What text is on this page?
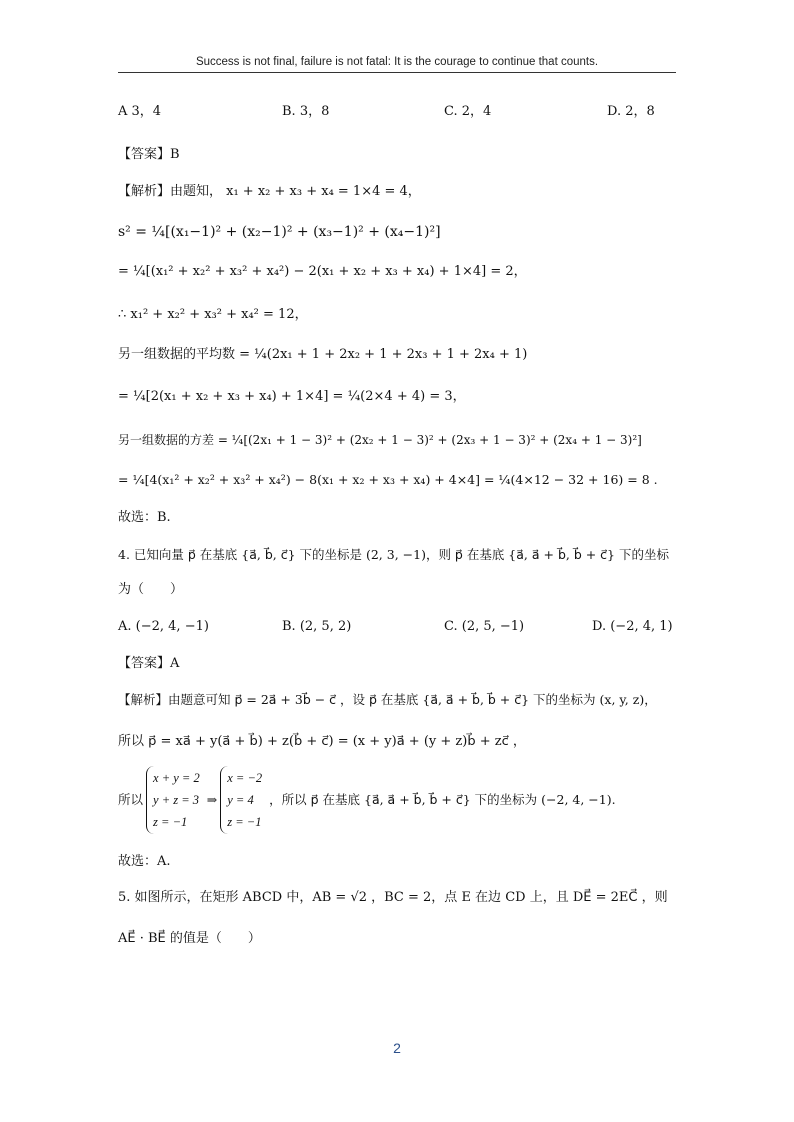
Success is not final, failure is not fatal: It is the courage to continue that counts.
A 3，4	B. 3，8	C. 2，4	D. 2，8
【答案】B
【解析】由题知， x₁ + x₂ + x₃ + x₄ = 1×4 = 4，
s² = ¼[(x₁−1)² + (x₂−1)² + (x₃−1)² + (x₄−1)²]
= ¼[(x₁² + x₂² + x₃² + x₄²) − 2(x₁ + x₂ + x₃ + x₄) + 1×4] = 2，
∴ x₁² + x₂² + x₃² + x₄² = 12，
另一组数据的平均数 = ¼(2x₁ + 1 + 2x₂ + 1 + 2x₃ + 1 + 2x₄ + 1)
= ¼[2(x₁ + x₂ + x₃ + x₄) + 1×4] = ¼(2×4 + 4) = 3，
另一组数据的方差 = ¼[(2x₁ + 1 − 3)² + (2x₂ + 1 − 3)² + (2x₃ + 1 − 3)² + (2x₄ + 1 − 3)²]
= ¼[4(x₁² + x₂² + x₃² + x₄²) − 8(x₁ + x₂ + x₃ + x₄) + 4×4] = ¼(4×12 − 32 + 16) = 8 .
故选：B.
4. 已知向量 p⃗ 在基底 {a⃗, b⃗, c⃗} 下的坐标是 (2, 3, −1)，则 p⃗ 在基底 {a⃗, a⃗ + b⃗, b⃗ + c⃗} 下的坐标
为（　　）
A. (−2, 4, −1)	B. (2, 5, 2)	C. (2, 5, −1)	D. (−2, 4, 1)
【答案】A
【解析】由题意可知 p⃗ = 2a⃗ + 3b⃗ − c⃗ ，设 p⃗ 在基底 {a⃗, a⃗ + b⃗, b⃗ + c⃗} 下的坐标为 (x, y, z)，
所以 p⃗ = xa⃗ + y(a⃗ + b⃗) + z(b⃗ + c⃗) = (x + y)a⃗ + (y + z)b⃗ + zc⃗ ，
所以
x + y = 2
y + z = 3
z = −1
⇒
x = −2
y = 4
z = −1
，所以 p⃗ 在基底 {a⃗, a⃗ + b⃗, b⃗ + c⃗} 下的坐标为 (−2, 4, −1).
故选：A.
5. 如图所示，在矩形 ABCD 中，AB = √2 ，BC = 2，点 E 在边 CD 上，且 DE⃗ = 2EC⃗ ，则
AE⃗ · BE⃗ 的值是（　　）
2
